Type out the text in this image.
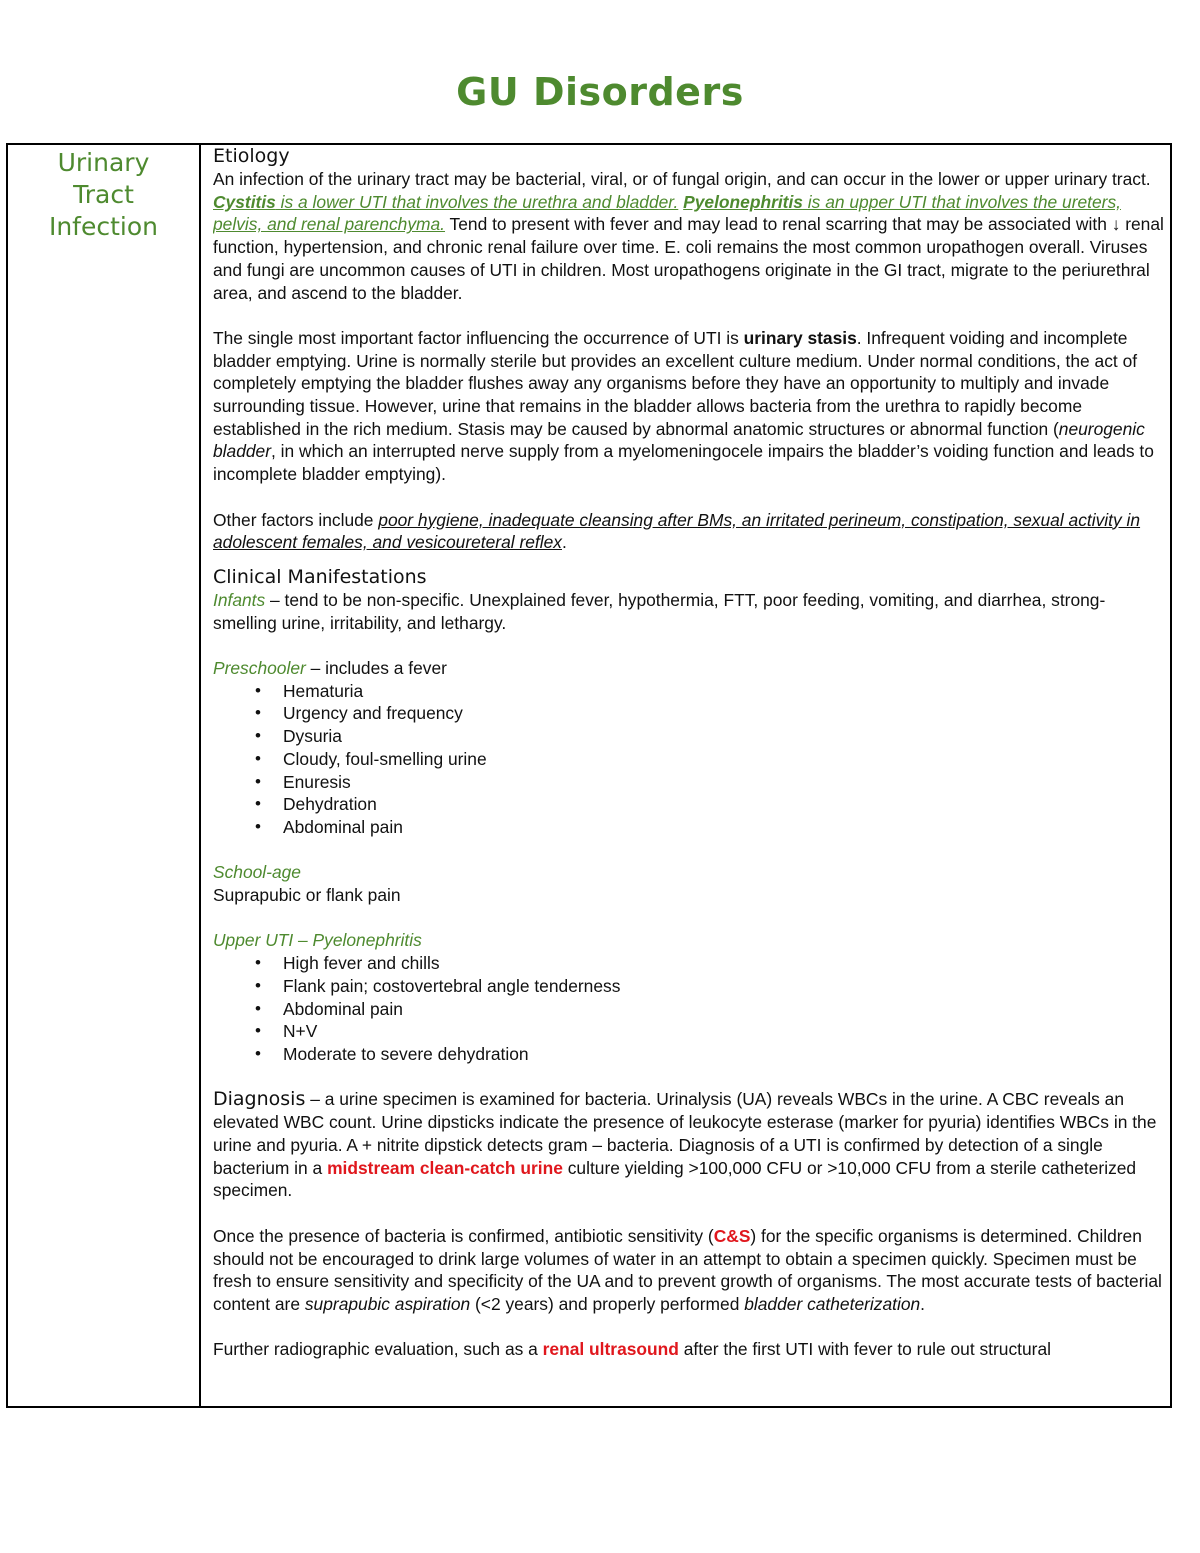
GU Disorders
Urinary
Tract
Infection
Etiology

An infection of the urinary tract may be bacterial, viral, or of fungal origin, and can occur in the lower or upper urinary tract. Cystitis is a lower UTI that involves the urethra and bladder. Pyelonephritis is an upper UTI that involves the ureters, pelvis, and renal parenchyma. Tend to present with fever and may lead to renal scarring that may be associated with ↓ renal function, hypertension, and chronic renal failure over time. E. coli remains the most common uropathogen overall. Viruses and fungi are uncommon causes of UTI in children. Most uropathogens originate in the GI tract, migrate to the periurethral area, and ascend to the bladder.

The single most important factor influencing the occurrence of UTI is urinary stasis. Infrequent voiding and incomplete bladder emptying. Urine is normally sterile but provides an excellent culture medium. Under normal conditions, the act of completely emptying the bladder flushes away any organisms before they have an opportunity to multiply and invade surrounding tissue. However, urine that remains in the bladder allows bacteria from the urethra to rapidly become established in the rich medium. Stasis may be caused by abnormal anatomic structures or abnormal function (neurogenic bladder, in which an interrupted nerve supply from a myelomeningocele impairs the bladder’s voiding function and leads to incomplete bladder emptying).

Other factors include poor hygiene, inadequate cleansing after BMs, an irritated perineum, constipation, sexual activity in adolescent females, and vesicoureteral reflex.

Clinical Manifestations

Infants – tend to be non-specific. Unexplained fever, hypothermia, FTT, poor feeding, vomiting, and diarrhea, strong-smelling urine, irritability, and lethargy.

Preschooler – includes a fever

• Hematuria
• Urgency and frequency
• Dysuria
• Cloudy, foul-smelling urine
• Enuresis
• Dehydration
• Abdominal pain

School-age

Suprapubic or flank pain

Upper UTI – Pyelonephritis

• High fever and chills
• Flank pain; costovertebral angle tenderness
• Abdominal pain
• N+V
• Moderate to severe dehydration

Diagnosis – a urine specimen is examined for bacteria. Urinalysis (UA) reveals WBCs in the urine. A CBC reveals an elevated WBC count. Urine dipsticks indicate the presence of leukocyte esterase (marker for pyuria) identifies WBCs in the urine and pyuria. A + nitrite dipstick detects gram – bacteria. Diagnosis of a UTI is confirmed by detection of a single bacterium in a midstream clean-catch urine culture yielding >100,000 CFU or >10,000 CFU from a sterile catheterized specimen.

Once the presence of bacteria is confirmed, antibiotic sensitivity (C&S) for the specific organisms is determined. Children should not be encouraged to drink large volumes of water in an attempt to obtain a specimen quickly. Specimen must be fresh to ensure sensitivity and specificity of the UA and to prevent growth of organisms. The most accurate tests of bacterial content are suprapubic aspiration (<2 years) and properly performed bladder catheterization.

Further radiographic evaluation, such as a renal ultrasound after the first UTI with fever to rule out structural
